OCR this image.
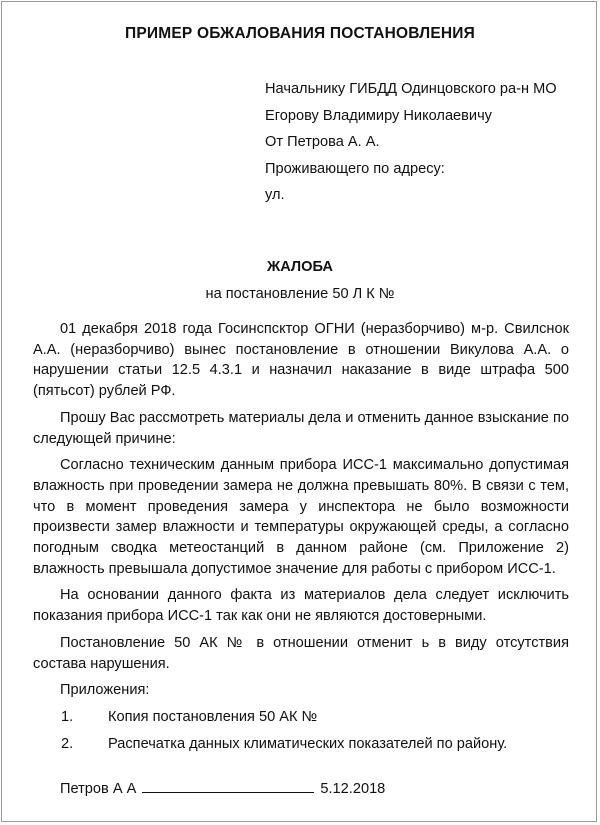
ПРИМЕР ОБЖАЛОВАНИЯ ПОСТАНОВЛЕНИЯ
Начальнику ГИБДД Одинцовского ра-н МО
Егорову Владимиру Николаевичу
От Петрова А. А.
Проживающего по адресу:
ул.
ЖАЛОБА
на постановление 50 Л К №

01 декабря 2018 года Госинспсктор ОГНИ (неразборчиво) м-р. Свилснок А.А. (неразборчиво) вынес постановление в отношении Викулова А.А. о нарушении статьи 12.5 4.3.1 и назначил наказание в виде штрафа 500 (пятьсот) рублей РФ.

Прошу Вас рассмотреть материалы дела и отменить данное взыскание по следующей причине:

Согласно техническим данным прибора ИСС-1 максимально допустимая влажность при проведении замера не должна превышать 80%. В связи с тем, что в момент проведения замера у инспектора не было возможности произвести замер влажности и температуры окружающей среды, а согласно погодным сводка метеостанций в данном районе (см. Приложение 2) влажность превышала допустимое значение для работы с прибором ИСС-1.

На основании данного факта из материалов дела следует исключить показания прибора ИСС-1 так как они не являются достоверными.

Постановление 50 АК № в отношении отменит ь в виду отсутствия состава нарушения.

Приложения:
1. Копия постановления 50 АК №
2. Распечатка данных климатических показателей по району.
Петров А А	5.12.2018
